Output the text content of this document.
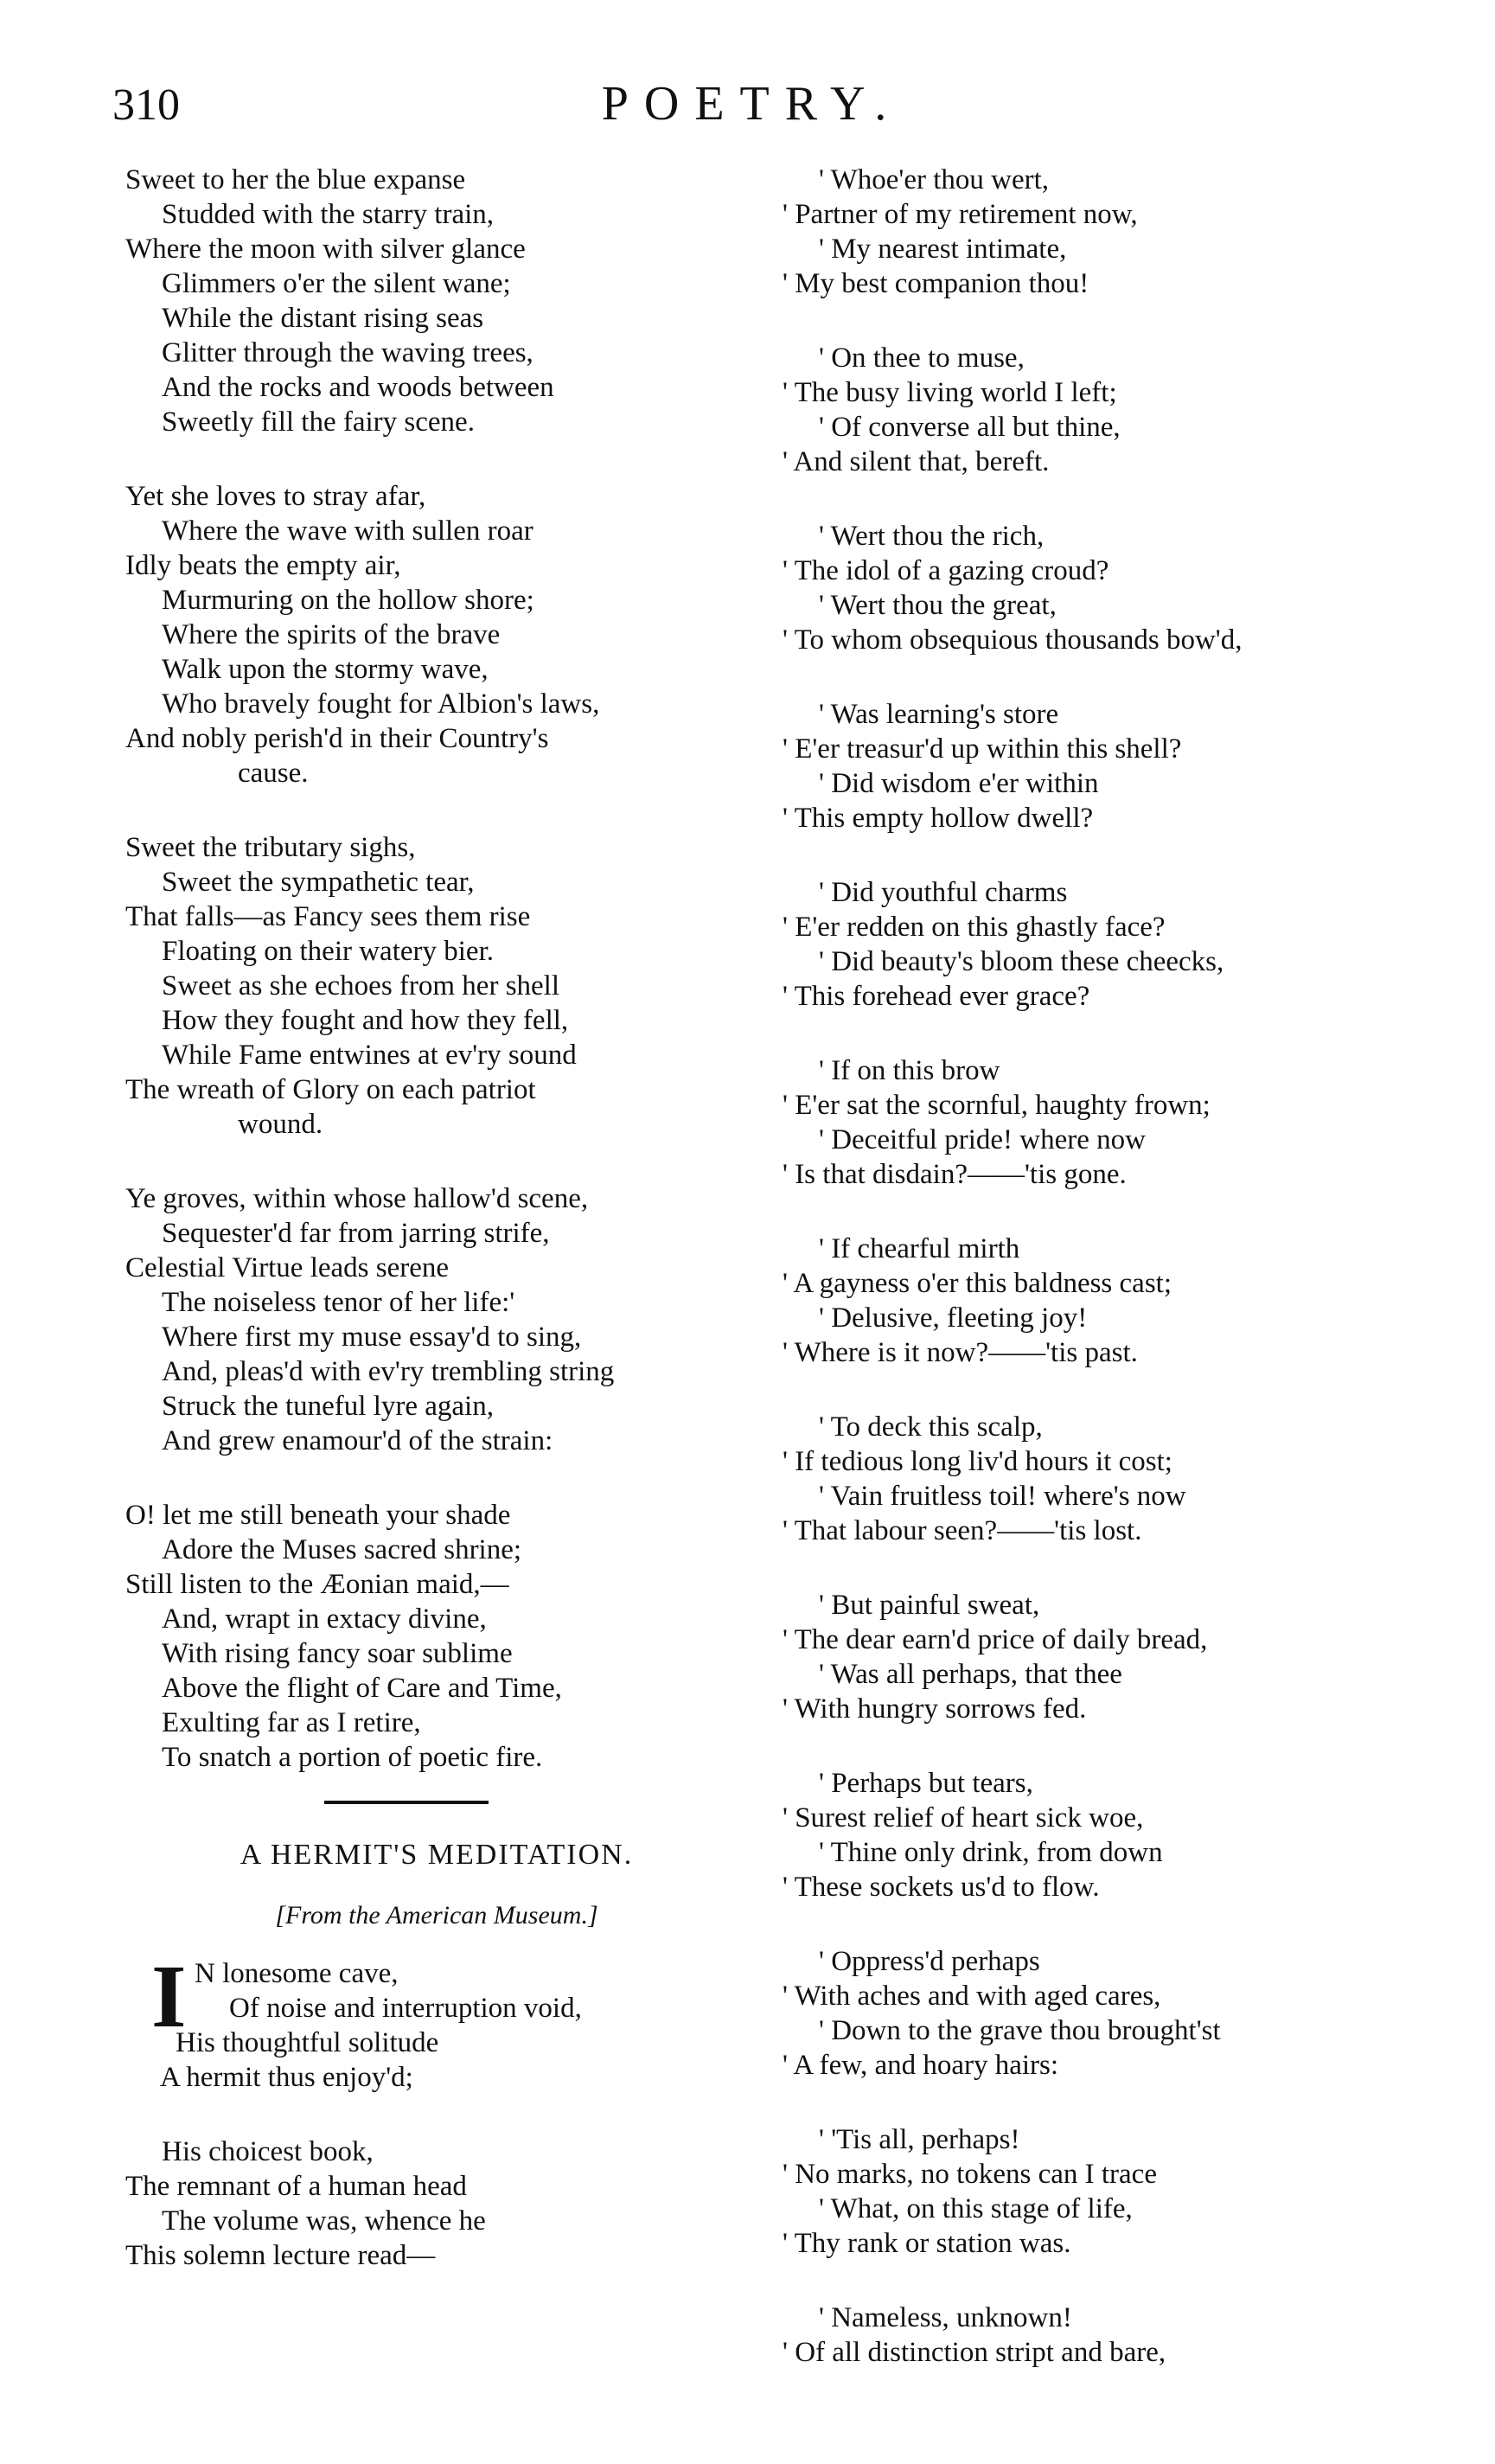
310	POETRY.
Sweet to her the blue expanse
Studded with the starry train,
Where the moon with silver glance
Glimmers o'er the silent wane;
While the distant rising seas
Glitter through the waving trees,
And the rocks and woods between
Sweetly fill the fairy scene.
Yet she loves to stray afar,
Where the wave with sullen roar
Idly beats the empty air,
Murmuring on the hollow shore;
Where the spirits of the brave
Walk upon the stormy wave,
Who bravely fought for Albion's laws,
And nobly perish'd in their Country's
cause.
Sweet the tributary sighs,
Sweet the sympathetic tear,
That falls—as Fancy sees them rise
Floating on their watery bier.
Sweet as she echoes from her shell
How they fought and how they fell,
While Fame entwines at ev'ry sound
The wreath of Glory on each patriot
wound.
Ye groves, within whose hallow'd scene,
Sequester'd far from jarring strife,
Celestial Virtue leads serene
The noiseless tenor of her life:'
Where first my muse essay'd to sing,
And, pleas'd with ev'ry trembling string
Struck the tuneful lyre again,
And grew enamour'd of the strain:
O! let me still beneath your shade
Adore the Muses sacred shrine;
Still listen to the Æonian maid,—
And, wrapt in extacy divine,
With rising fancy soar sublime
Above the flight of Care and Time,
Exulting far as I retire,
To snatch a portion of poetic fire.
A HERMIT'S MEDITATION.
[From the American Museum.]
I N lonesome cave,
Of noise and interruption void,
His thoughtful solitude
A hermit thus enjoy'd;
His choicest book,
The remnant of a human head
The volume was, whence he
This solemn lecture read—
' Whoe'er thou wert,
' Partner of my retirement now,
' My nearest intimate,
' My best companion thou!
' On thee to muse,
' The busy living world I left;
' Of converse all but thine,
' And silent that, bereft.
' Wert thou the rich,
' The idol of a gazing croud?
' Wert thou the great,
' To whom obsequious thousands bow'd,
' Was learning's store
' E'er treasur'd up within this shell?
' Did wisdom e'er within
' This empty hollow dwell?
' Did youthful charms
' E'er redden on this ghastly face?
' Did beauty's bloom these cheecks,
' This forehead ever grace?
' If on this brow
' E'er sat the scornful, haughty frown;
' Deceitful pride! where now
' Is that disdain?——'tis gone.
' If chearful mirth
' A gayness o'er this baldness cast;
' Delusive, fleeting joy!
' Where is it now?——'tis past.
' To deck this scalp,
' If tedious long liv'd hours it cost;
' Vain fruitless toil! where's now
' That labour seen?——'tis lost.
' But painful sweat,
' The dear earn'd price of daily bread,
' Was all perhaps, that thee
' With hungry sorrows fed.
' Perhaps but tears,
' Surest relief of heart sick woe,
' Thine only drink, from down
' These sockets us'd to flow.
' Oppress'd perhaps
' With aches and with aged cares,
' Down to the grave thou brought'st
' A few, and hoary hairs:
' 'Tis all, perhaps!
' No marks, no tokens can I trace
' What, on this stage of life,
' Thy rank or station was.
' Nameless, unknown!
' Of all distinction stript and bare,
